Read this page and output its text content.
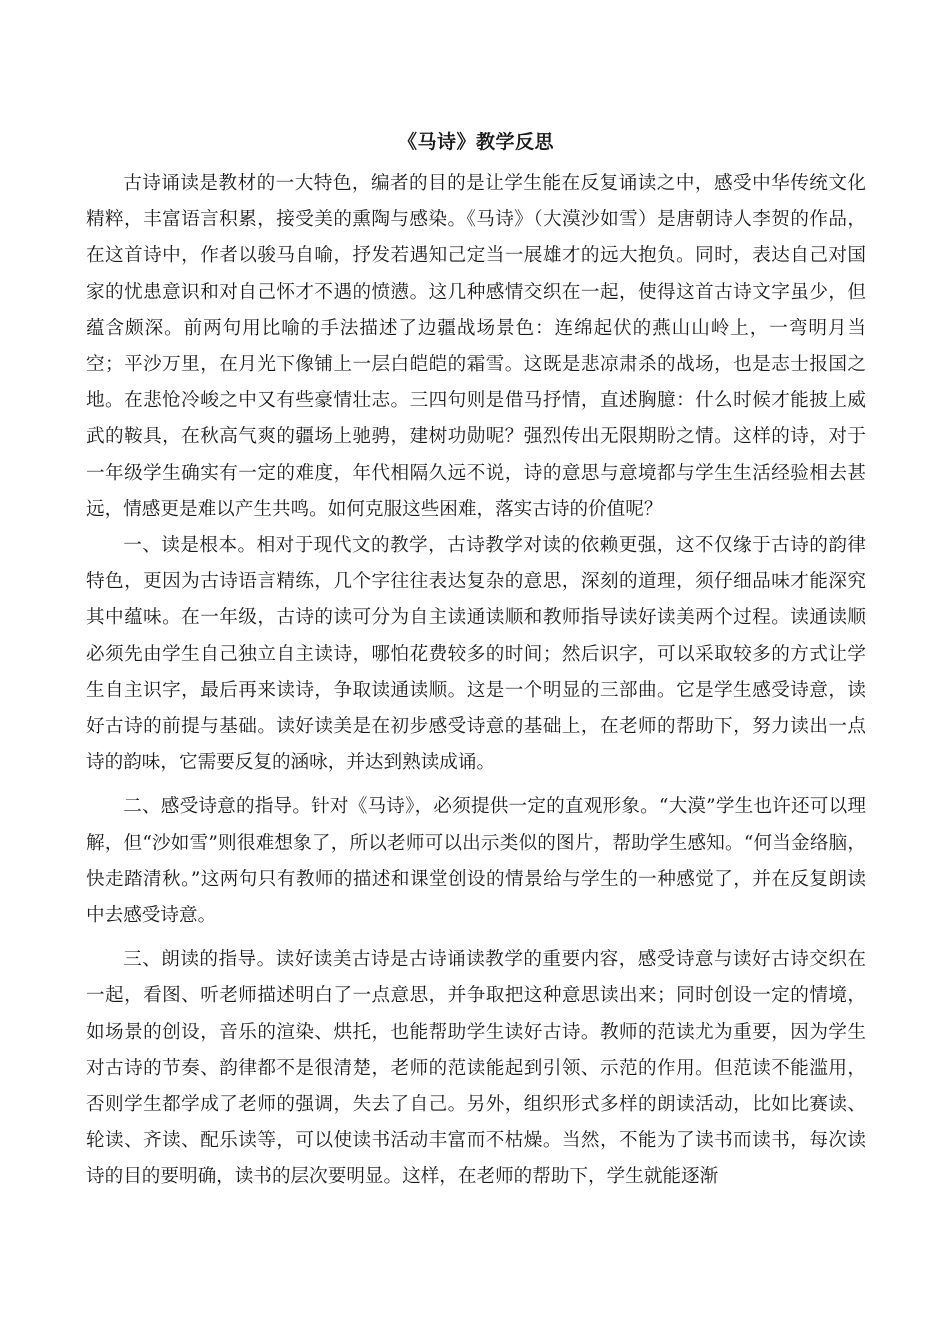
《马诗》教学反思

古诗诵读是教材的一大特色，编者的目的是让学生能在反复诵读之中，感受中华传统文化精粹，丰富语言积累，接受美的熏陶与感染。《马诗》（大漠沙如雪）是唐朝诗人李贺的作品，在这首诗中，作者以骏马自喻，抒发若遇知己定当一展雄才的远大抱负。同时，表达自己对国家的忧患意识和对自己怀才不遇的愤懑。这几种感情交织在一起，使得这首古诗文字虽少，但蕴含颇深。前两句用比喻的手法描述了边疆战场景色：连绵起伏的燕山山岭上，一弯明月当空；平沙万里，在月光下像铺上一层白皑皑的霜雪。这既是悲凉肃杀的战场，也是志士报国之地。在悲怆冷峻之中又有些豪情壮志。三四句则是借马抒情，直述胸臆：什么时候才能披上威武的鞍具，在秋高气爽的疆场上驰骋，建树功勋呢？强烈传出无限期盼之情。这样的诗，对于一年级学生确实有一定的难度，年代相隔久远不说，诗的意思与意境都与学生生活经验相去甚远，情感更是难以产生共鸣。如何克服这些困难，落实古诗的价值呢？

一、读是根本。相对于现代文的教学，古诗教学对读的依赖更强，这不仅缘于古诗的韵律特色，更因为古诗语言精练，几个字往往表达复杂的意思，深刻的道理，须仔细品味才能深究其中蕴味。在一年级，古诗的读可分为自主读通读顺和教师指导读好读美两个过程。读通读顺必须先由学生自己独立自主读诗，哪怕花费较多的时间；然后识字，可以采取较多的方式让学生自主识字，最后再来读诗，争取读通读顺。这是一个明显的三部曲。它是学生感受诗意，读好古诗的前提与基础。读好读美是在初步感受诗意的基础上，在老师的帮助下，努力读出一点诗的韵味，它需要反复的涵咏，并达到熟读成诵。

二、感受诗意的指导。针对《马诗》，必须提供一定的直观形象。“大漠”学生也许还可以理解，但“沙如雪”则很难想象了，所以老师可以出示类似的图片，帮助学生感知。“何当金络脑，快走踏清秋。”这两句只有教师的描述和课堂创设的情景给与学生的一种感觉了，并在反复朗读中去感受诗意。

三、朗读的指导。读好读美古诗是古诗诵读教学的重要内容，感受诗意与读好古诗交织在一起，看图、听老师描述明白了一点意思，并争取把这种意思读出来；同时创设一定的情境，如场景的创设，音乐的渲染、烘托，也能帮助学生读好古诗。教师的范读尤为重要，因为学生对古诗的节奏、韵律都不是很清楚，老师的范读能起到引领、示范的作用。但范读不能滥用，否则学生都学成了老师的强调，失去了自己。另外，组织形式多样的朗读活动，比如比赛读、轮读、齐读、配乐读等，可以使读书活动丰富而不枯燥。当然，不能为了读书而读书，每次读诗的目的要明确，读书的层次要明显。这样，在老师的帮助下，学生就能逐渐
